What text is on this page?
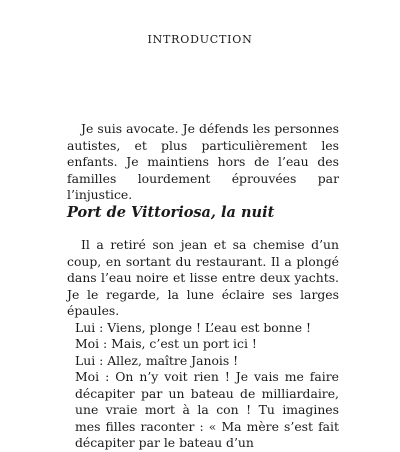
INTRODUCTION

Je suis avocate. Je défends les personnes autistes, et plus particulièrement les enfants. Je maintiens hors de l’eau des familles lourdement éprouvées par l’injustice.

Port de Vittoriosa, la nuit

Il a retiré son jean et sa chemise d’un coup, en sortant du restaurant. Il a plongé dans l’eau noire et lisse entre deux yachts. Je le regarde, la lune éclaire ses larges épaules.

Lui : Viens, plonge ! L’eau est bonne !

Moi : Mais, c’est un port ici !

Lui : Allez, maître Janois !

Moi : On n’y voit rien ! Je vais me faire décapiter par un bateau de milliardaire, une vraie mort à la con ! Tu imagines mes filles raconter : « Ma mère s’est fait décapiter par le bateau d’un
